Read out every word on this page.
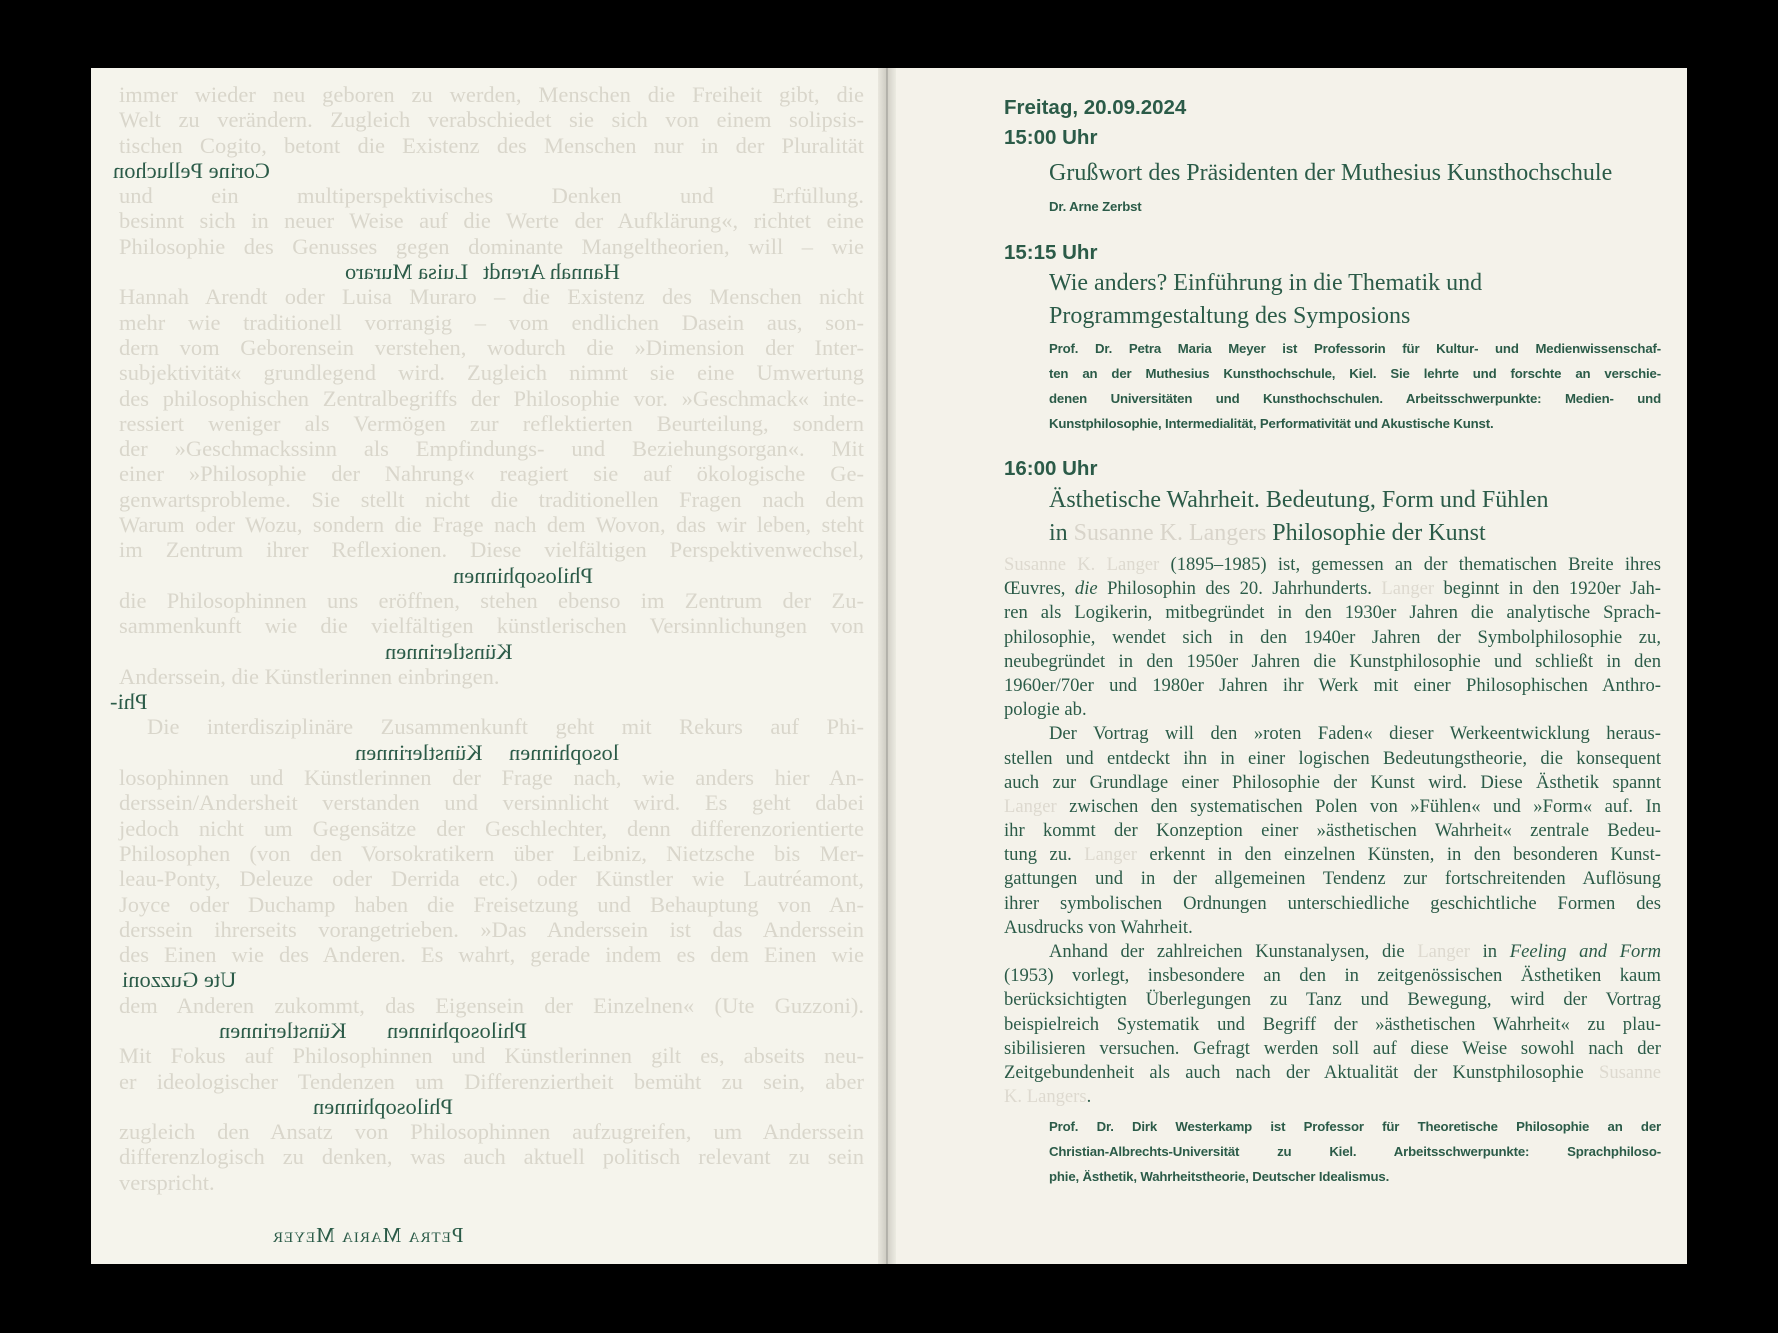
immer wieder neu geboren zu werden, Menschen die Freiheit gibt, die
Welt zu verändern. Zugleich verabschiedet sie sich von einem solipsis-
tischen Cogito, betont die Existenz des Menschen nur in der Pluralität
Corine Pelluchon
und ein multiperspektivisches Denken und Erfüllung.
besinnt sich in neuer Weise auf die Werte der Aufklärung«, richtet eine
Philosophie des Genusses gegen dominante Mangeltheorien, will – wie
Hannah Arendt
Luisa Muraro
Hannah Arendt oder Luisa Muraro – die Existenz des Menschen nicht
mehr wie traditionell vorrangig – vom endlichen Dasein aus, son-
dern vom Geborensein verstehen, wodurch die »Dimension der Inter-
subjektivität« grundlegend wird. Zugleich nimmt sie eine Umwertung
des philosophischen Zentralbegriffs der Philosophie vor. »Geschmack« inte-
ressiert weniger als Vermögen zur reflektierten Beurteilung, sondern
der »Geschmackssinn als Empfindungs- und Beziehungsorgan«. Mit
einer »Philosophie der Nahrung« reagiert sie auf ökologische Ge-
genwartsprobleme. Sie stellt nicht die traditionellen Fragen nach dem
Warum oder Wozu, sondern die Frage nach dem Wovon, das wir leben, steht
im Zentrum ihrer Reflexionen. Diese vielfältigen Perspektivenwechsel,
Philosophinnen
die Philosophinnen uns eröffnen, stehen ebenso im Zentrum der Zu-
sammenkunft wie die vielfältigen künstlerischen Versinnlichungen von
Künstlerinnen
Anderssein, die Künstlerinnen einbringen.
Phi-
Die interdisziplinäre Zusammenkunft geht mit Rekurs auf Phi-
losophinnen
Künstlerinnen
losophinnen und Künstlerinnen der Frage nach, wie anders hier An-
derssein/Andersheit verstanden und versinnlicht wird. Es geht dabei
jedoch nicht um Gegensätze der Geschlechter, denn differenzorientierte
Philosophen (von den Vorsokratikern über Leibniz, Nietzsche bis Mer-
leau-Ponty, Deleuze oder Derrida etc.) oder Künstler wie Lautréamont,
Joyce oder Duchamp haben die Freisetzung und Behauptung von An-
derssein ihrerseits vorangetrieben. »Das Anderssein ist das Anderssein
des Einen wie des Anderen. Es wahrt, gerade indem es dem Einen wie
Ute Guzzoni
dem Anderen zukommt, das Eigensein der Einzelnen« (Ute Guzzoni).
Philosophinnen
Künstlerinnen
Mit Fokus auf Philosophinnen und Künstlerinnen gilt es, abseits neu-
er ideologischer Tendenzen um Differenziertheit bemüht zu sein, aber
Philosophinnen
zugleich den Ansatz von Philosophinnen aufzugreifen, um Anderssein
differenzlogisch zu denken, was auch aktuell politisch relevant zu sein
verspricht.
Petra Maria Meyer
Freitag, 20.09.2024
15:00 Uhr
Grußwort des Präsidenten der Muthesius Kunsthochschule
Dr. Arne Zerbst
15:15 Uhr
Wie anders? Einführung in die Thematik und
Programmgestaltung des Symposions
Prof. Dr. Petra Maria Meyer ist Professorin für Kultur- und Medienwissenschaf-
ten an der Muthesius Kunsthochschule, Kiel. Sie lehrte und forschte an verschie-
denen Universitäten und Kunsthochschulen. Arbeitsschwerpunkte: Medien- und
Kunstphilosophie, Intermedialität, Performativität und Akustische Kunst.
16:00 Uhr
Ästhetische Wahrheit. Bedeutung, Form und Fühlen
in Susanne K. Langers Philosophie der Kunst
Susanne K. Langer (1895–1985) ist, gemessen an der thematischen Breite ihres
Œuvres, die Philosophin des 20. Jahrhunderts. Langer beginnt in den 1920er Jah-
ren als Logikerin, mitbegründet in den 1930er Jahren die analytische Sprach-
philosophie, wendet sich in den 1940er Jahren der Symbolphilosophie zu,
neubegründet in den 1950er Jahren die Kunstphilosophie und schließt in den
1960er/70er und 1980er Jahren ihr Werk mit einer Philosophischen Anthro-
pologie ab.
Der Vortrag will den »roten Faden« dieser Werkeentwicklung heraus-
stellen und entdeckt ihn in einer logischen Bedeutungstheorie, die konsequent
auch zur Grundlage einer Philosophie der Kunst wird. Diese Ästhetik spannt
Langer zwischen den systematischen Polen von »Fühlen« und »Form« auf. In
ihr kommt der Konzeption einer »ästhetischen Wahrheit« zentrale Bedeu-
tung zu. Langer erkennt in den einzelnen Künsten, in den besonderen Kunst-
gattungen und in der allgemeinen Tendenz zur fortschreitenden Auflösung
ihrer symbolischen Ordnungen unterschiedliche geschichtliche Formen des
Ausdrucks von Wahrheit.
Anhand der zahlreichen Kunstanalysen, die Langer in Feeling and Form
(1953) vorlegt, insbesondere an den in zeitgenössischen Ästhetiken kaum
berücksichtigten Überlegungen zu Tanz und Bewegung, wird der Vortrag
beispielreich Systematik und Begriff der »ästhetischen Wahrheit« zu plau-
sibilisieren versuchen. Gefragt werden soll auf diese Weise sowohl nach der
Zeitgebundenheit als auch nach der Aktualität der Kunstphilosophie Susanne
K. Langers.
Prof. Dr. Dirk Westerkamp ist Professor für Theoretische Philosophie an der
Christian-Albrechts-Universität zu Kiel. Arbeitsschwerpunkte: Sprachphiloso-
phie, Ästhetik, Wahrheitstheorie, Deutscher Idealismus.
